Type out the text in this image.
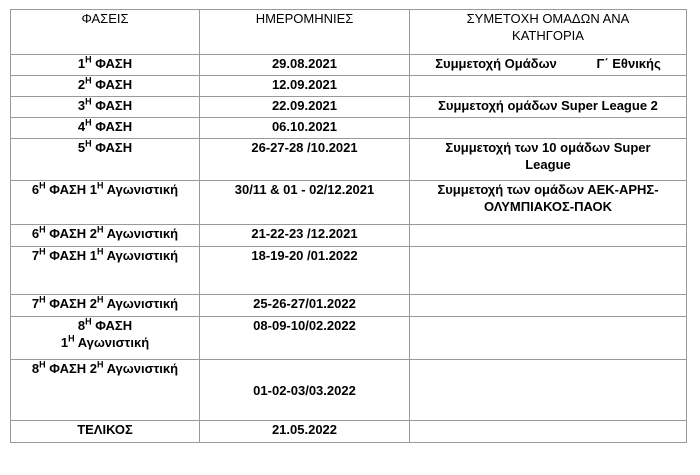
ΦΑΣΕΙΣ	ΗΜΕΡΟΜΗΝΙΕΣ	ΣΥΜΕΤΟΧΗ ΟΜΑΔΩΝ ΑΝΑ
ΚΑΤΗΓΟΡΙΑ
$1^H$ ΦΑΣΗ	29.08.2021	Συμμετοχή Ομάδων           Γ΄ Εθνικής
$2^H$ ΦΑΣΗ	12.09.2021	
$3^H$ ΦΑΣΗ	22.09.2021	Συμμετοχή ομάδων Super League 2
$4^H$ ΦΑΣΗ	06.10.2021	
$5^H$ ΦΑΣΗ	26-27-28 /10.2021	Συμμετοχή των 10 ομάδων Super
League
$6^H$ ΦΑΣΗ $1^H$ Αγωνιστική	30/11 & 01 - 02/12.2021	Συμμετοχή των ομάδων ΑΕΚ-ΑΡΗΣ-
ΟΛΥΜΠΙΑΚΟΣ-ΠΑΟΚ
$6^H$ ΦΑΣΗ $2^H$ Αγωνιστική	21-22-23 /12.2021	
$7^H$ ΦΑΣΗ $1^H$ Αγωνιστική	18-19-20 /01.2022	
$7^H$ ΦΑΣΗ $2^H$ Αγωνιστική	25-26-27/01.2022	
$8^H$ ΦΑΣΗ
$1^H$ Αγωνιστική	08-09-10/02.2022	
$8^H$ ΦΑΣΗ $2^H$ Αγωνιστική	01-02-03/03.2022	
ΤΕΛΙΚΟΣ	21.05.2022	
